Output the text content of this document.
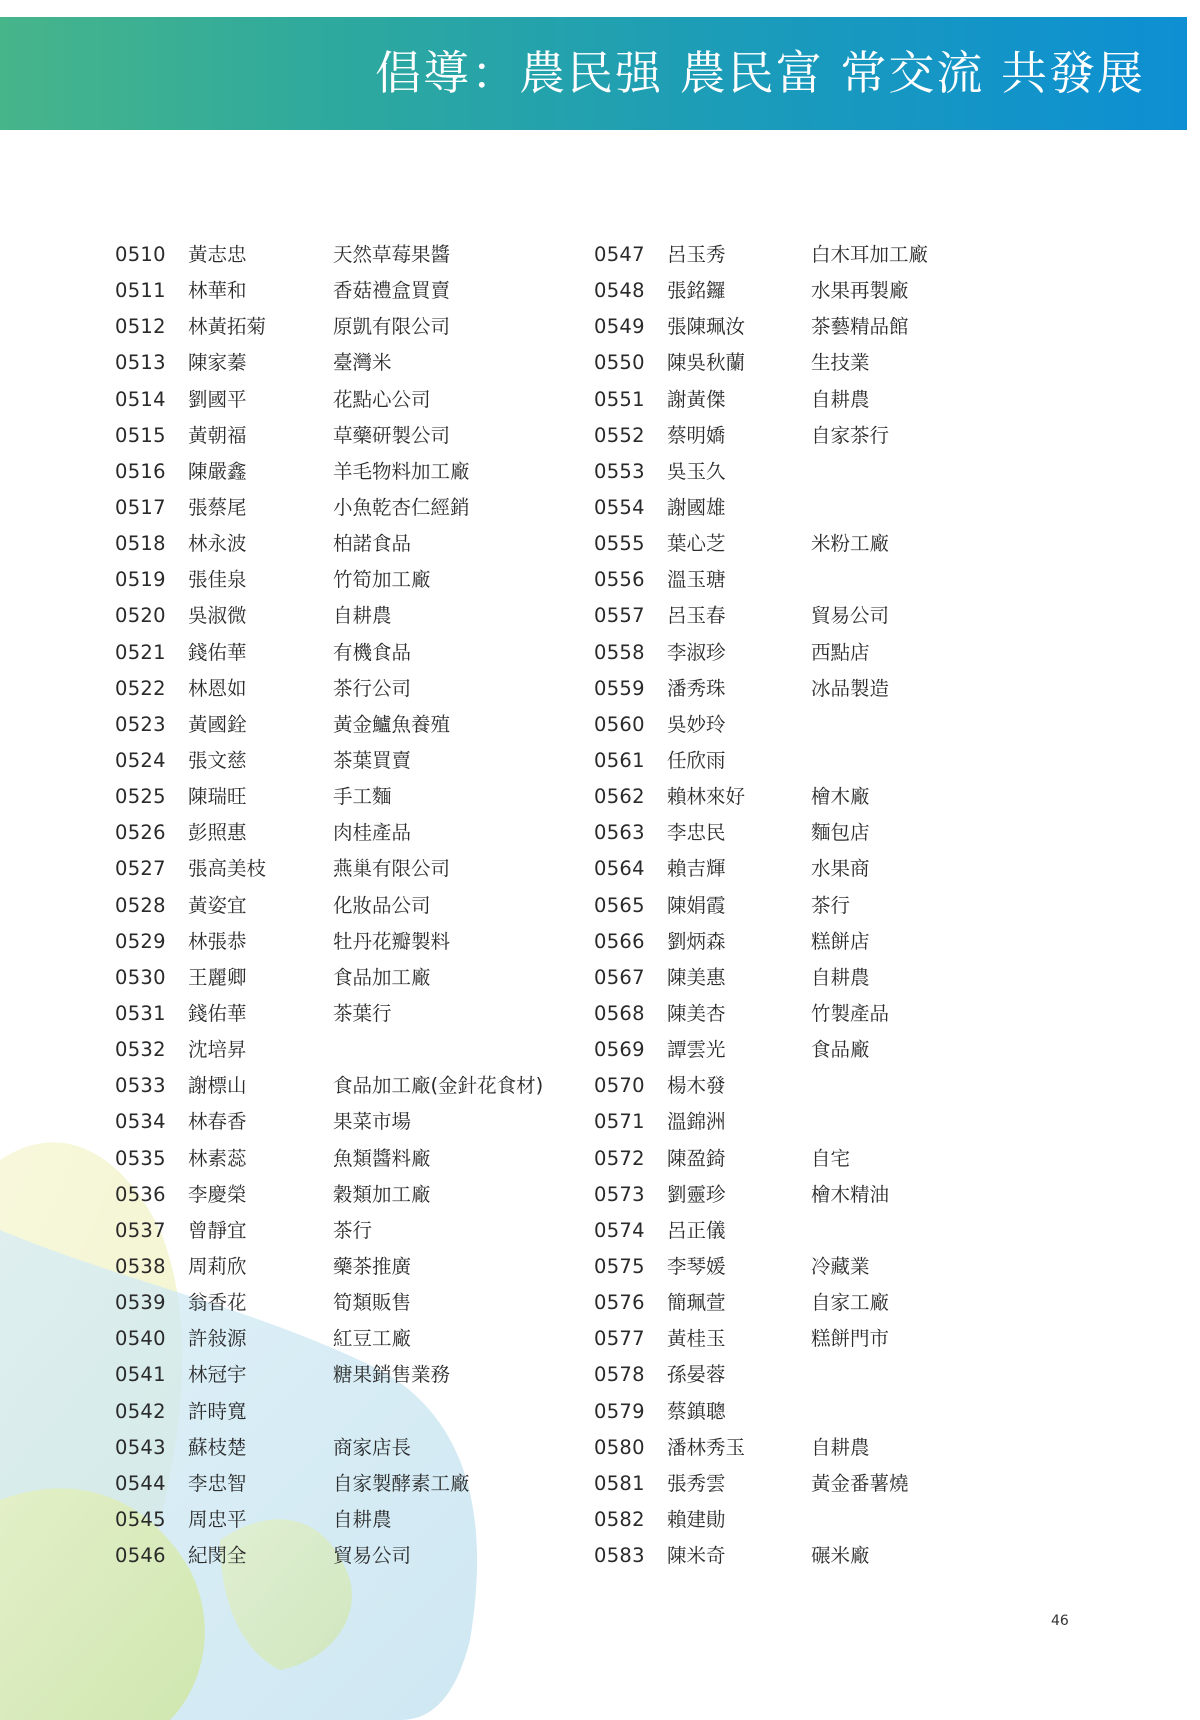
倡導：農民强 農民富 常交流 共發展
0510 黃志忠	天然草莓果醬
0511 林華和	香菇禮盒買賣
0512 林黃拓菊	原凱有限公司
0513 陳家蓁	臺灣米
0514 劉國平	花點心公司
0515 黃朝福	草藥研製公司
0516 陳嚴鑫	羊毛物料加工廠
0517 張蔡尾	小魚乾杏仁經銷
0518 林永波	柏諾食品
0519 張佳泉	竹筍加工廠
0520 吳淑微	自耕農
0521 錢佑華	有機食品
0522 林恩如	茶行公司
0523 黃國銓	黃金鱸魚養殖
0524 張文慈	茶葉買賣
0525 陳瑞旺	手工麵
0526 彭照惠	肉桂產品
0527 張高美枝	燕巢有限公司
0528 黃姿宜	化妝品公司
0529 林張恭	牡丹花瓣製料
0530 王麗卿	食品加工廠
0531 錢佑華	茶葉行
0532 沈培昇
0533 謝標山	食品加工廠(金針花食材)
0534 林春香	果菜市場
0535 林素蕊	魚類醬料廠
0536 李慶榮	穀類加工廠
0537 曾靜宜	茶行
0538 周莉欣	藥茶推廣
0539 翁香花	筍類販售
0540 許敍源	紅豆工廠
0541 林冠宇	糖果銷售業務
0542 許時寬
0543 蘇枝楚	商家店長
0544 李忠智	自家製酵素工廠
0545 周忠平	自耕農
0546 紀閔全	貿易公司
0547 呂玉秀	白木耳加工廠
0548 張銘鑼	水果再製廠
0549 張陳珮汝	茶藝精品館
0550 陳吳秋蘭	生技業
0551 謝黃傑	自耕農
0552 蔡明嬌	自家茶行
0553 吳玉久
0554 謝國雄
0555 葉心芝	米粉工廠
0556 溫玉瑭
0557 呂玉春	貿易公司
0558 李淑珍	西點店
0559 潘秀珠	冰品製造
0560 吳妙玲
0561 任欣雨
0562 賴林來好	檜木廠
0563 李忠民	麵包店
0564 賴吉輝	水果商
0565 陳娟霞	茶行
0566 劉炳森	糕餅店
0567 陳美惠	自耕農
0568 陳美杏	竹製產品
0569 譚雲光	食品廠
0570 楊木發
0571 溫錦洲
0572 陳盈錡	自宅
0573 劉靈珍	檜木精油
0574 呂正儀
0575 李琴媛	冷藏業
0576 簡珮萱	自家工廠
0577 黃桂玉	糕餅門市
0578 孫晏蓉
0579 蔡鎮聰
0580 潘林秀玉	自耕農
0581 張秀雲	黃金番薯燒
0582 賴建勛
0583 陳米奇	碾米廠
46
